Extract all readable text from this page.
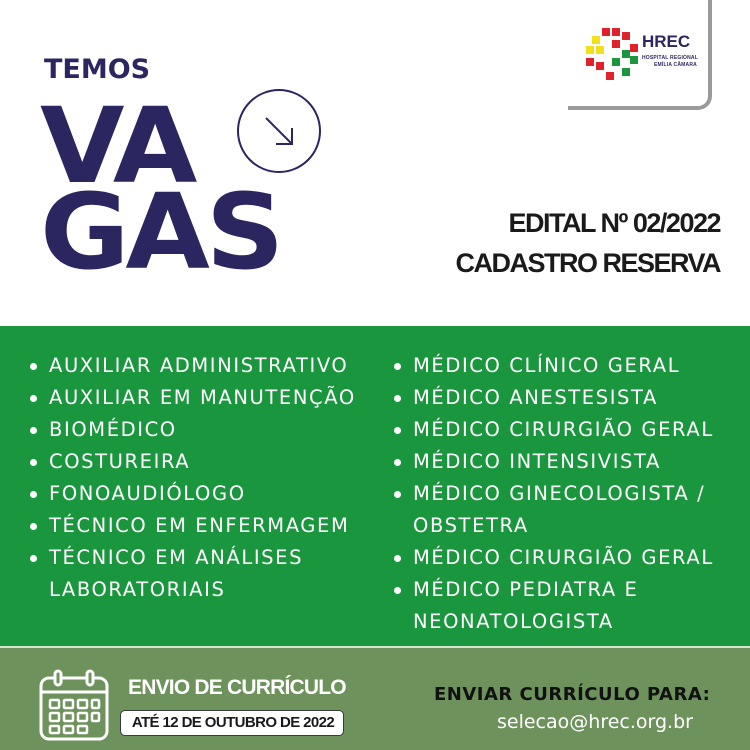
TEMOS
VA
GAS
HREC
HOSPITAL REGIONAL
EMÍLIA CÂMARA
EDITAL Nº 02/2022
CADASTRO RESERVA
AUXILIAR ADMINISTRATIVO
AUXILIAR EM MANUTENÇÃO
BIOMÉDICO
COSTUREIRA
FONOAUDIÓLOGO
TÉCNICO EM ENFERMAGEM
TÉCNICO EM ANÁLISES
LABORATORIAIS
MÉDICO CLÍNICO GERAL
MÉDICO ANESTESISTA
MÉDICO CIRURGIÃO GERAL
MÉDICO INTENSIVISTA
MÉDICO GINECOLOGISTA /
OBSTETRA
MÉDICO CIRURGIÃO GERAL
MÉDICO PEDIATRA E
NEONATOLOGISTA
ENVIO DE CURRÍCULO
ATÉ 12 DE OUTUBRO DE 2022
ENVIAR CURRÍCULO PARA:
selecao@hrec.org.br
